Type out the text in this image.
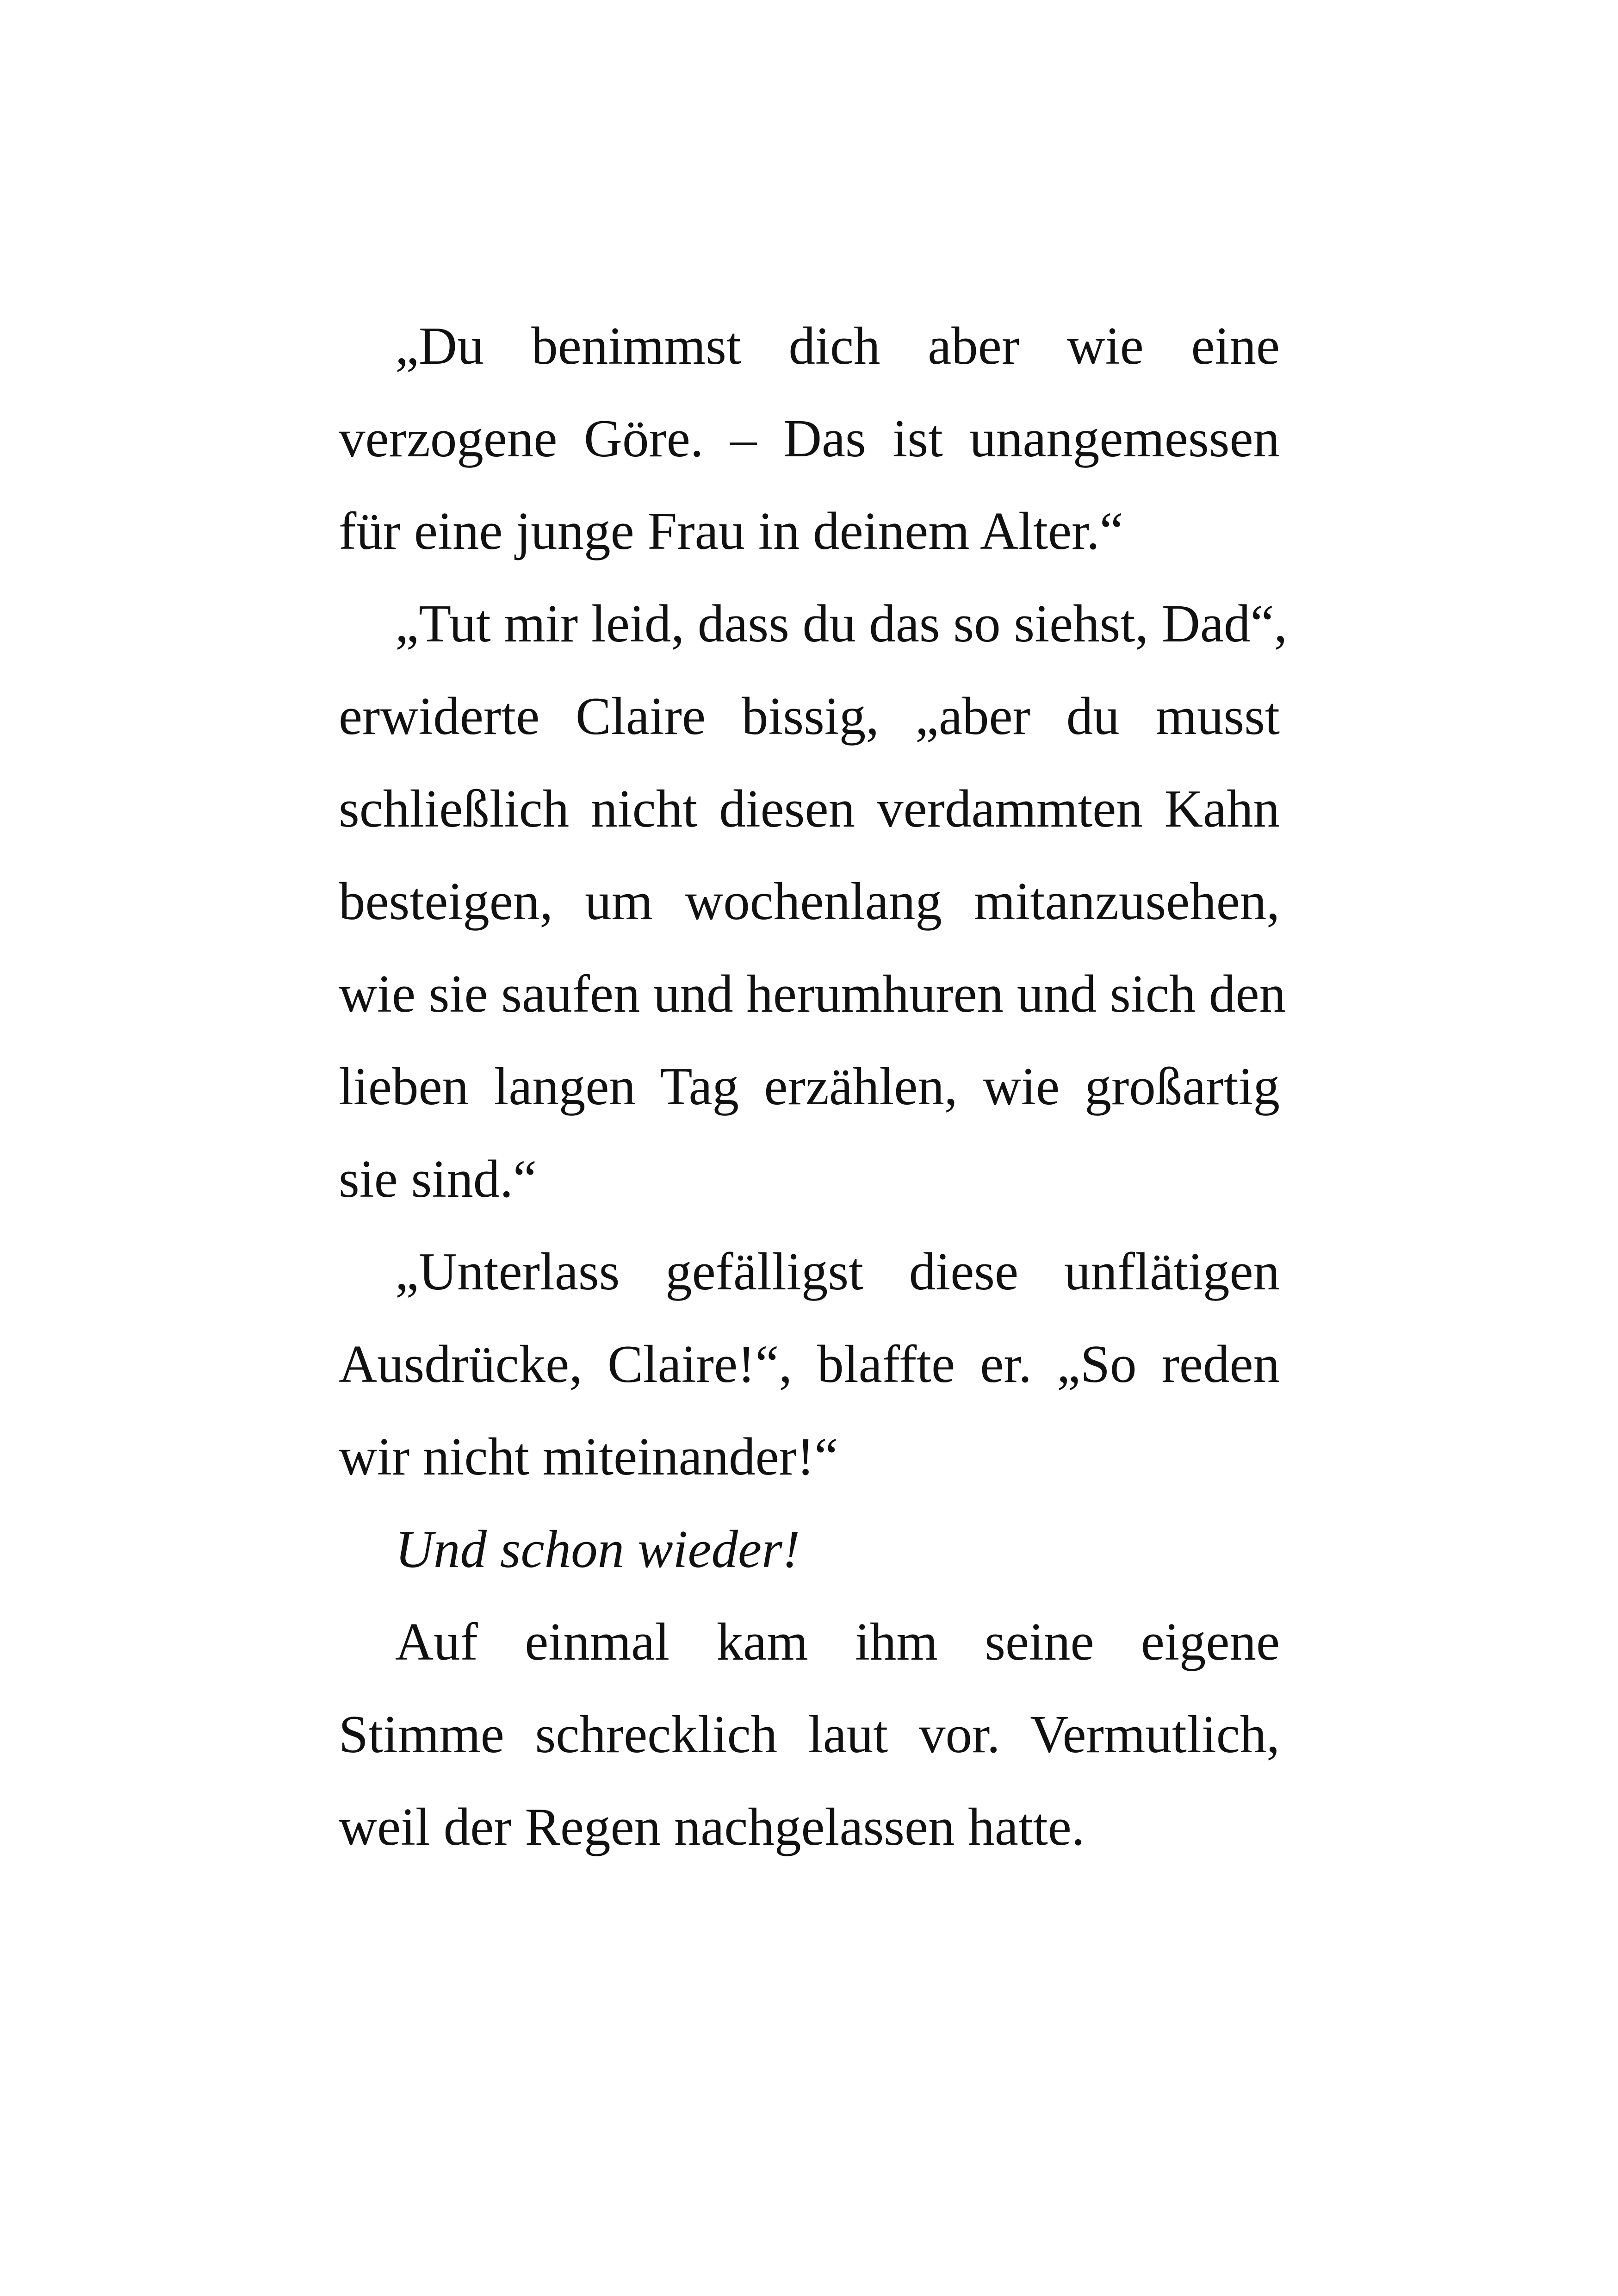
„Du benimmst dich aber wie eine
verzogene Göre. – Das ist unangemessen
für eine junge Frau in deinem Alter.“

„Tut mir leid, dass du das so siehst, Dad“,
erwiderte Claire bissig, „aber du musst
schließlich nicht diesen verdammten Kahn
besteigen, um wochenlang mitanzusehen,
wie sie saufen und herumhuren und sich den
lieben langen Tag erzählen, wie großartig
sie sind.“

„Unterlass gefälligst diese unflätigen
Ausdrücke, Claire!“, blaffte er. „So reden
wir nicht miteinander!“

Und schon wieder!

Auf einmal kam ihm seine eigene
Stimme schrecklich laut vor. Vermutlich,
weil der Regen nachgelassen hatte.
